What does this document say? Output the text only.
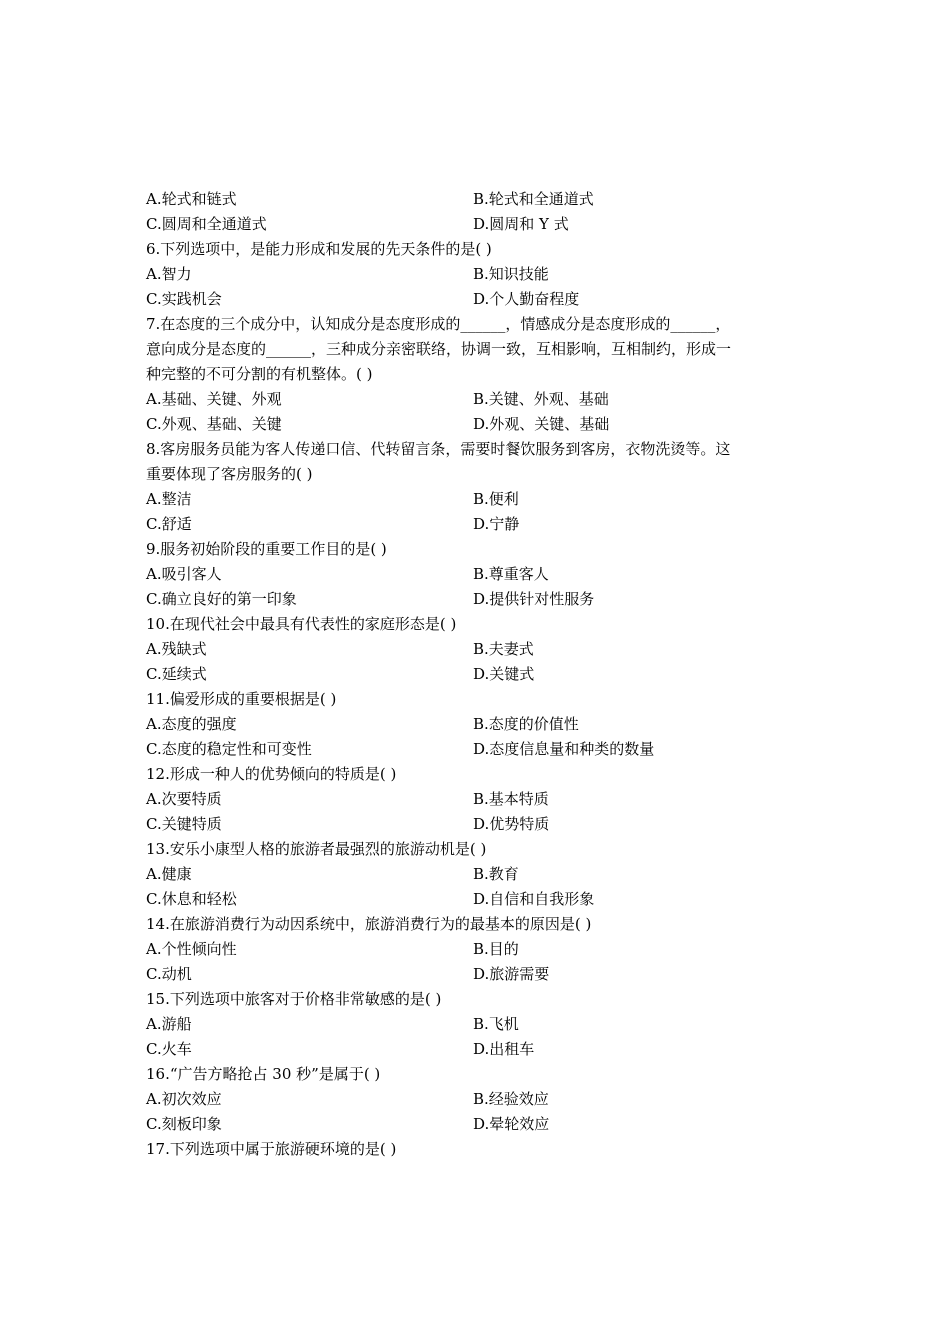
A.轮式和链式	B.轮式和全通道式
C.圆周和全通道式	D.圆周和 Y 式
6.下列选项中，是能力形成和发展的先天条件的是( )
A.智力	B.知识技能
C.实践机会	D.个人勤奋程度
7.在态度的三个成分中，认知成分是态度形成的______，情感成分是态度形成的______，
意向成分是态度的______，三种成分亲密联络，协调一致，互相影响，互相制约，形成一
种完整的不可分割的有机整体。( )
A.基础、关键、外观	B.关键、外观、基础
C.外观、基础、关键	D.外观、关键、基础
8.客房服务员能为客人传递口信、代转留言条，需要时餐饮服务到客房，衣物洗烫等。这
重要体现了客房服务的( )
A.整洁	B.便利
C.舒适	D.宁静
9.服务初始阶段的重要工作目的是( )
A.吸引客人	B.尊重客人
C.确立良好的第一印象	D.提供针对性服务
10.在现代社会中最具有代表性的家庭形态是( )
A.残缺式	B.夫妻式
C.延续式	D.关键式
11.偏爱形成的重要根据是( )
A.态度的强度	B.态度的价值性
C.态度的稳定性和可变性	D.态度信息量和种类的数量
12.形成一种人的优势倾向的特质是( )
A.次要特质	B.基本特质
C.关键特质	D.优势特质
13.安乐小康型人格的旅游者最强烈的旅游动机是( )
A.健康	B.教育
C.休息和轻松	D.自信和自我形象
14.在旅游消费行为动因系统中，旅游消费行为的最基本的原因是( )
A.个性倾向性	B.目的
C.动机	D.旅游需要
15.下列选项中旅客对于价格非常敏感的是( )
A.游船	B.飞机
C.火车	D.出租车
16.“广告方略抢占 30 秒”是属于( )
A.初次效应	B.经验效应
C.刻板印象	D.晕轮效应
17.下列选项中属于旅游硬环境的是( )
